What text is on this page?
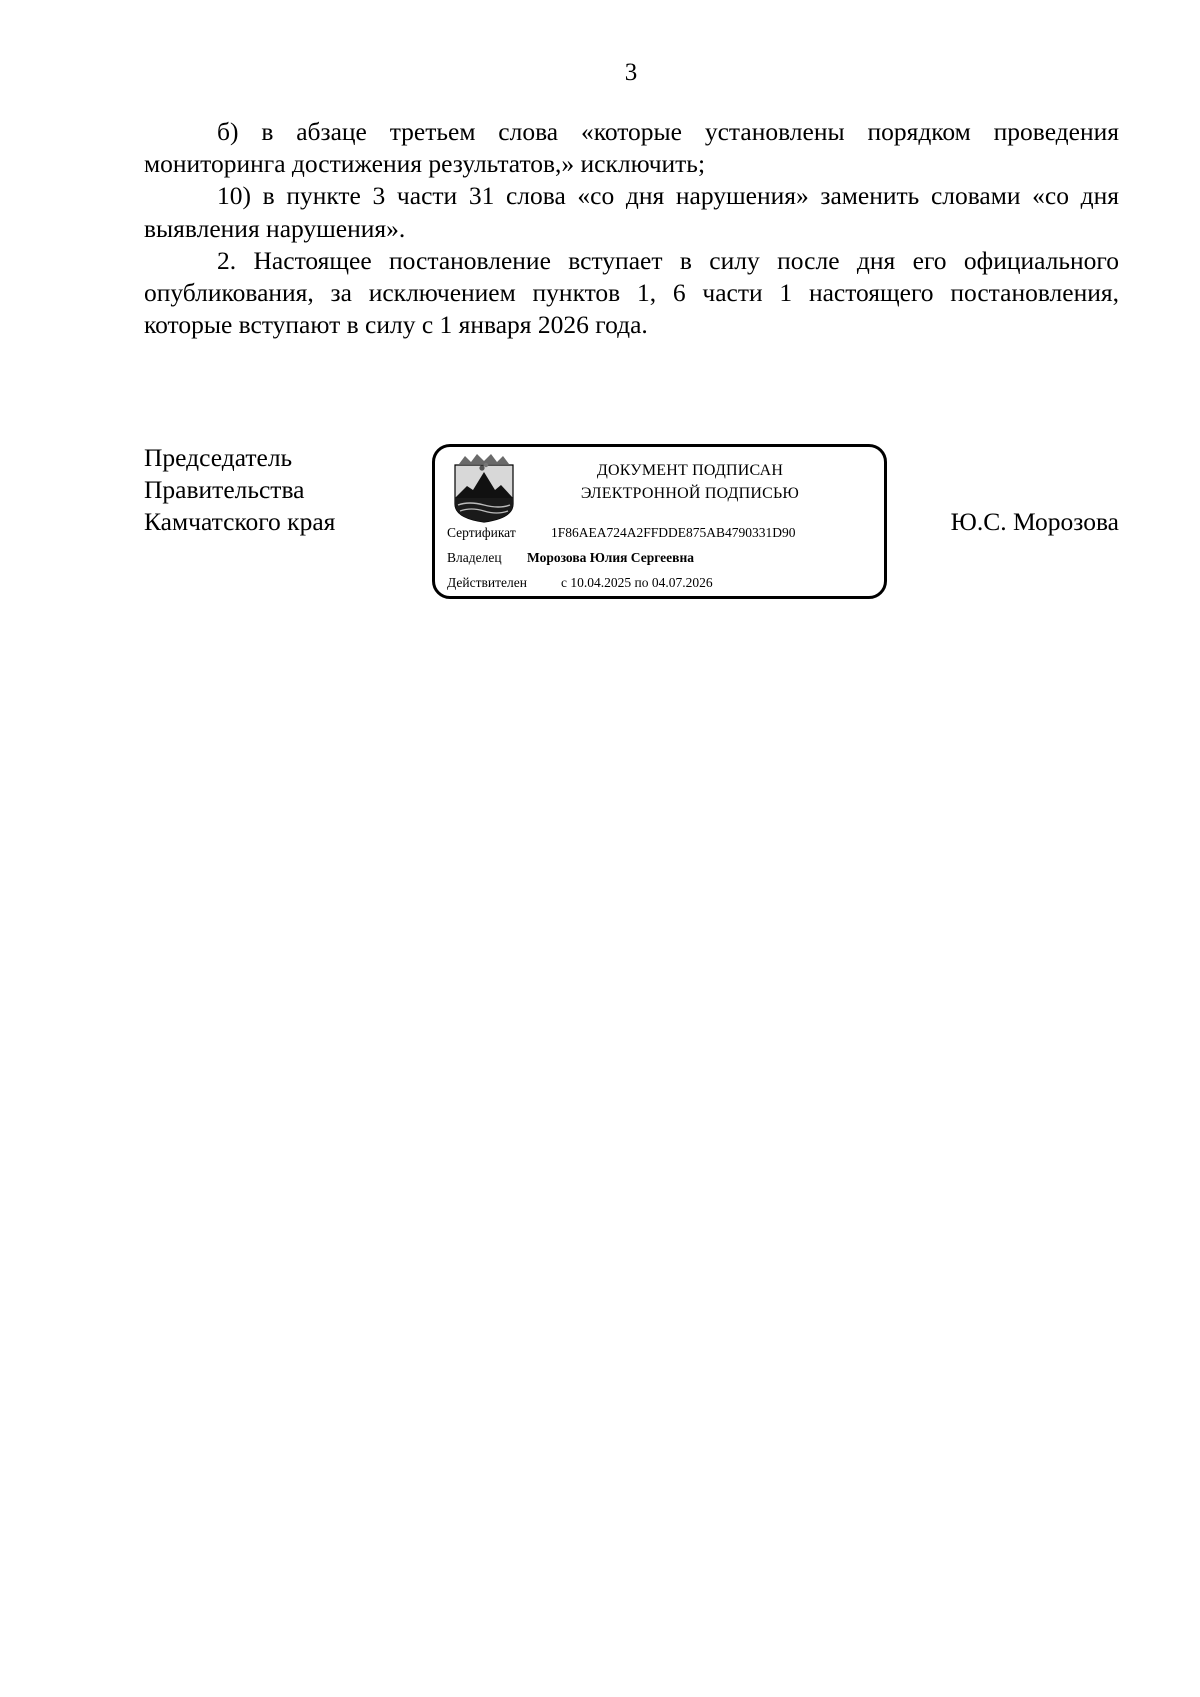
3

б) в абзаце третьем слова «которые установлены порядком проведения мониторинга достижения результатов,» исключить;

10) в пункте 3 части 31 слова «со дня нарушения» заменить словами «со дня выявления нарушения».

2. Настоящее постановление вступает в силу после дня его официального опубликования, за исключением пунктов 1, 6 части 1 настоящего постановления, которые вступают в силу с 1 января 2026 года.

Председатель
Правительства
Камчатского края
ДОКУМЕНТ ПОДПИСАН
ЭЛЕКТРОННОЙ ПОДПИСЬЮ
Сертификат	1F86AEA724A2FFDDE875AB4790331D90
Владелец Морозова Юлия Сергеевна
Действителен	с 10.04.2025 по 04.07.2026
Ю.С. Морозова
